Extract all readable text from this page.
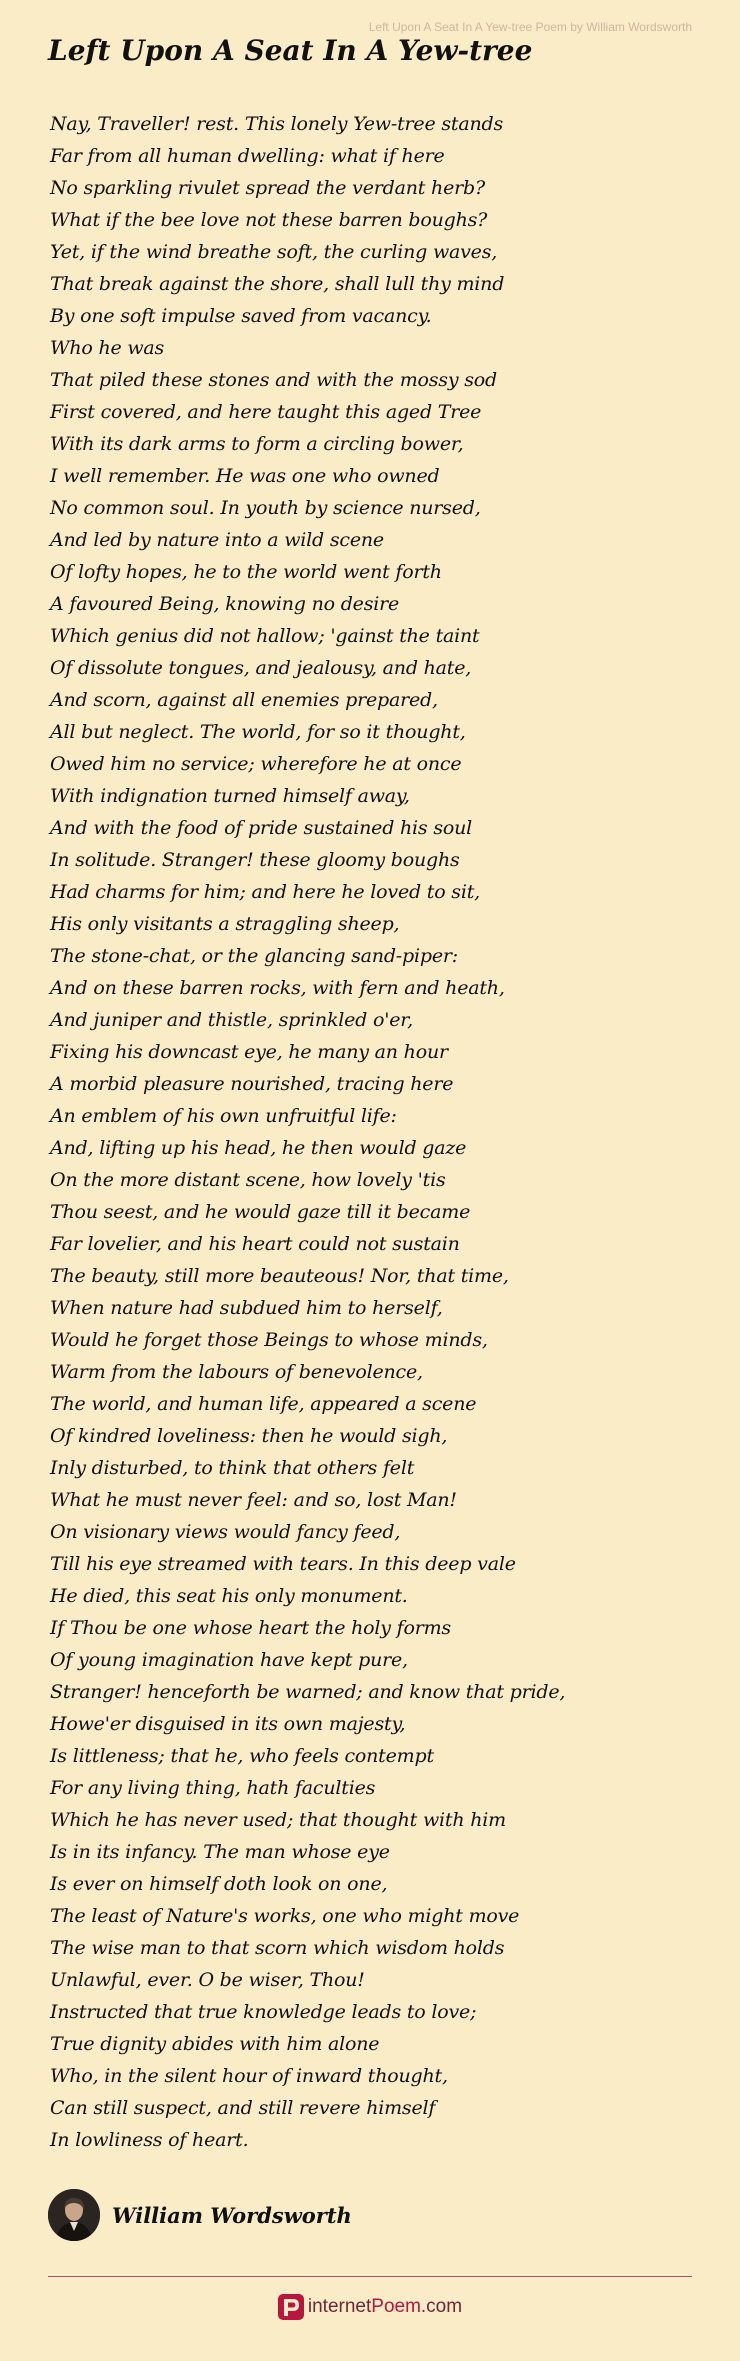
Left Upon A Seat In A Yew-tree Poem by William Wordsworth
Left Upon A Seat In A Yew-tree
Nay, Traveller! rest. This lonely Yew-tree stands
Far from all human dwelling: what if here
No sparkling rivulet spread the verdant herb?
What if the bee love not these barren boughs?
Yet, if the wind breathe soft, the curling waves,
That break against the shore, shall lull thy mind
By one soft impulse saved from vacancy.
Who he was
That piled these stones and with the mossy sod
First covered, and here taught this aged Tree
With its dark arms to form a circling bower,
I well remember. He was one who owned
No common soul. In youth by science nursed,
And led by nature into a wild scene
Of lofty hopes, he to the world went forth
A favoured Being, knowing no desire
Which genius did not hallow; 'gainst the taint
Of dissolute tongues, and jealousy, and hate,
And scorn, against all enemies prepared,
All but neglect. The world, for so it thought,
Owed him no service; wherefore he at once
With indignation turned himself away,
And with the food of pride sustained his soul
In solitude. Stranger! these gloomy boughs
Had charms for him; and here he loved to sit,
His only visitants a straggling sheep,
The stone-chat, or the glancing sand-piper:
And on these barren rocks, with fern and heath,
And juniper and thistle, sprinkled o'er,
Fixing his downcast eye, he many an hour
A morbid pleasure nourished, tracing here
An emblem of his own unfruitful life:
And, lifting up his head, he then would gaze
On the more distant scene, how lovely 'tis
Thou seest, and he would gaze till it became
Far lovelier, and his heart could not sustain
The beauty, still more beauteous! Nor, that time,
When nature had subdued him to herself,
Would he forget those Beings to whose minds,
Warm from the labours of benevolence,
The world, and human life, appeared a scene
Of kindred loveliness: then he would sigh,
Inly disturbed, to think that others felt
What he must never feel: and so, lost Man!
On visionary views would fancy feed,
Till his eye streamed with tears. In this deep vale
He died, this seat his only monument.
If Thou be one whose heart the holy forms
Of young imagination have kept pure,
Stranger! henceforth be warned; and know that pride,
Howe'er disguised in its own majesty,
Is littleness; that he, who feels contempt
For any living thing, hath faculties
Which he has never used; that thought with him
Is in its infancy. The man whose eye
Is ever on himself doth look on one,
The least of Nature's works, one who might move
The wise man to that scorn which wisdom holds
Unlawful, ever. O be wiser, Thou!
Instructed that true knowledge leads to love;
True dignity abides with him alone
Who, in the silent hour of inward thought,
Can still suspect, and still revere himself
In lowliness of heart.
William Wordsworth
internetPoem.com
